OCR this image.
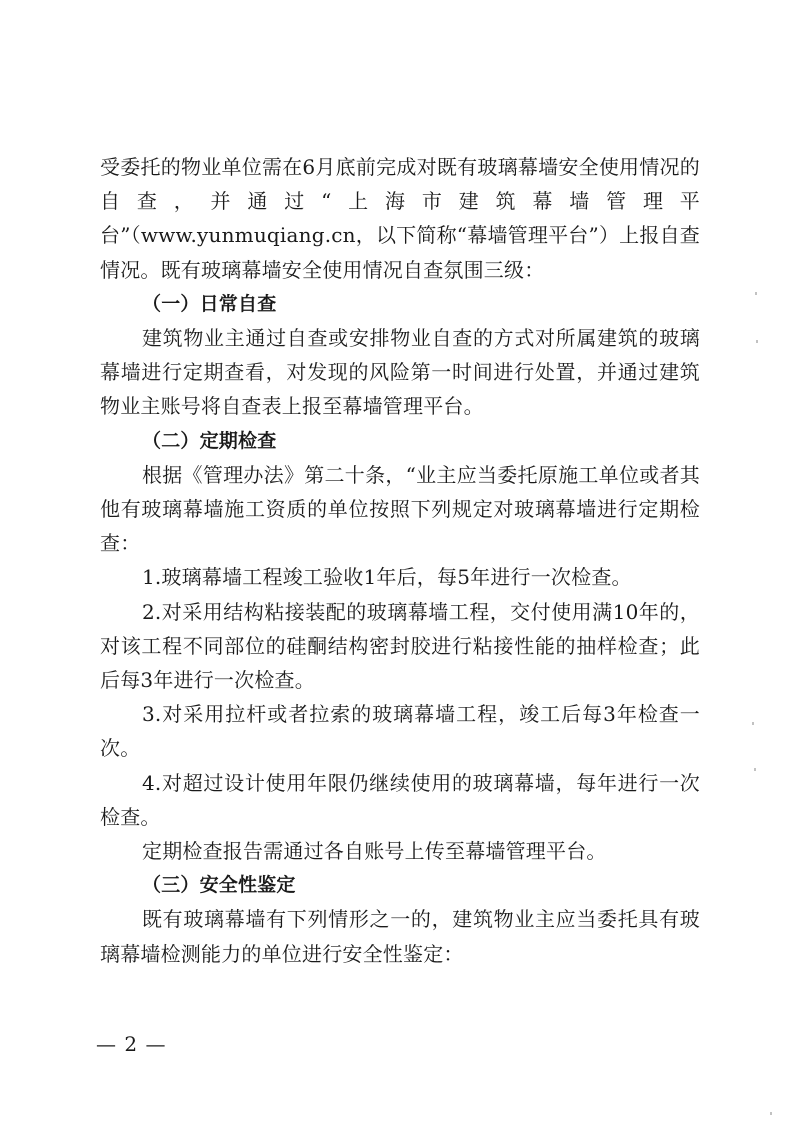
受委托的物业单位需在6月底前完成对既有玻璃幕墙安全使用情况的自查，并通过“上海市建筑幕墙管理平台”（www.yunmuqiang.cn，以下简称“幕墙管理平台”）上报自查情况。既有玻璃幕墙安全使用情况自查氛围三级：

（一）日常自查

建筑物业主通过自查或安排物业自查的方式对所属建筑的玻璃幕墙进行定期查看，对发现的风险第一时间进行处置，并通过建筑物业主账号将自查表上报至幕墙管理平台。

（二）定期检查

根据《管理办法》第二十条，“业主应当委托原施工单位或者其他有玻璃幕墙施工资质的单位按照下列规定对玻璃幕墙进行定期检查：

1.玻璃幕墙工程竣工验收1年后，每5年进行一次检查。

2.对采用结构粘接装配的玻璃幕墙工程，交付使用满10年的，对该工程不同部位的硅酮结构密封胶进行粘接性能的抽样检查；此后每3年进行一次检查。

3.对采用拉杆或者拉索的玻璃幕墙工程，竣工后每3年检查一次。

4.对超过设计使用年限仍继续使用的玻璃幕墙，每年进行一次检查。

定期检查报告需通过各自账号上传至幕墙管理平台。

（三）安全性鉴定

既有玻璃幕墙有下列情形之一的，建筑物业主应当委托具有玻璃幕墙检测能力的单位进行安全性鉴定：

— 2 —
